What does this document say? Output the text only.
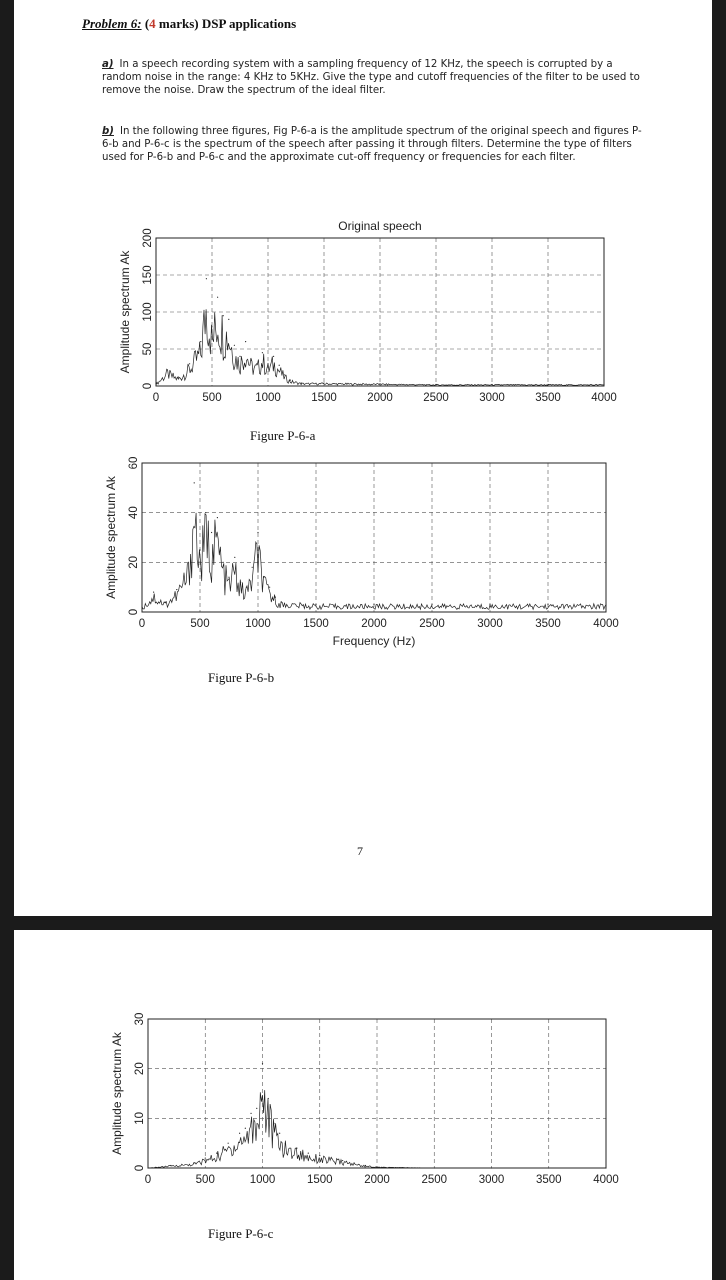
Problem 6: (4 marks) DSP applications
a) In a speech recording system with a sampling frequency of 12 KHz, the speech is corrupted by a random noise in the range: 4 KHz to 5KHz. Give the type and cutoff frequencies of the filter to be used to remove the noise. Draw the spectrum of the ideal filter.
b) In the following three figures, Fig P-6-a is the amplitude spectrum of the original speech and figures P-6-b and P-6-c is the spectrum of the speech after passing it through filters. Determine the type of filters used for P-6-b and P-6-c and the approximate cut-off frequency or frequencies for each filter.
0	500	1000	1500	2000	2500	3000	3500	4000
0
50
100
150
200
Amplitude spectrum Ak
Original speech
Figure P-6-a
0	500	1000	1500	2000	2500	3000	3500	4000
0
20
40
60
Amplitude spectrum Ak
Frequency (Hz)
Figure P-6-b
7
0	500	1000	1500	2000	2500	3000	3500	4000
0
10
20
30
Amplitude spectrum Ak
Figure P-6-c
